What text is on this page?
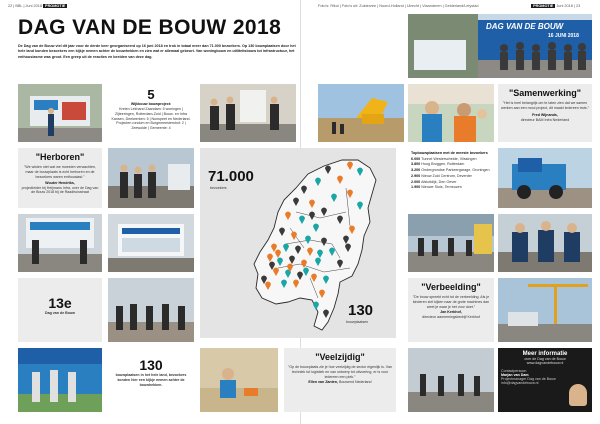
22 | BBL | Juni 2018 PROMOTIE	Foto's: Rikol | Foto's uit: Zuiderzee | Noord-Holland | Utrecht | Vlaanderen | Gelderland/Lelystad	PROMOTIE Juni 2018 | 23
DAG VAN DE BOUW 2018
De Dag van de Bouw viel dit jaar voor de derde keer georganiseerd op 16 juni 2018 en trok in totaal meer dan 71.000 bezoekers. Op 130 bouwplaatsen door het hele land konden bezoekers een kijkje nemen achter de bouwhekken en zien wat er allemaal gebeurt. Van woningbouw en utiliteitsbouw tot infrastructuur, het enthousiasme was groot. Een greep uit de reacties en beelden van deze dag.
DAG VAN DE BOUW
16 JUNI 2018
5
Wijkbouw bouwproject:
Kreten Lekhand Zaandam: 5 woningen | Zijteeringen, Rotterdam-Zuid | Bouw- en Infra Kansen, Deelwerken: 5 | Nunspeet en Nederland. Projecten rondom en Burgemeestershof: 2 | Zeewolde | Gemeente: 4
"Samenwerking"
"Het is heel belangrijk om te laten zien dat we samen werken aan een mooi project, dit maakt iedereen trots."
Fred Wijnands,
directeur BAM Infra Nederland
"Herboren"
"We wisten niet wat we moesten verwachten, maar de bouwplaats is echt herboren en de bezoekers waren enthousiast."
Wouter Hendriks,
projectleider bij Heijmans Infra, over de Dag van de Bouw 2018 bij de Raadhuisstraat
71.000
bezoekers
130
bouwplaatsen
Topbouwplaatsen met de meeste bezoekers
6.000 Tunnel Westerschelde, Vlissingen
3.800 Hoog Bruggen, Rotterdam
3.200 Ondergrondse Parkeergarage, Groningen
2.900 Nieuw Zuid Centrum, Deventer
2.000 Afsluitdijk, Den Oever
1.900 Nieuwe Sluis, Terneuzen
13e
Dag van de Bouw
"Verbeelding"
"De bouw spreekt echt tot de verbeelding. Als je kinderen ziet kijken naar de grote machines dan weet je waar je het voor doet."
Jan Kerkhof,
directeur aannemingsbedrijf Kerkhof
130
bouwplaatsen in het hele land, bezoekers konden hier een kijkje nemen achter de bouwhekken.
"Veelzijdig"
"Op de bouwplaats zie je hoe veelzijdig de sector eigenlijk is. Van techniek tot logistiek en van ontwerp tot uitvoering, er is voor iedereen een plek."
Ellen van Zanten, Bouwend Nederland
Meer informatie
over de Dag van de Bouw
www.dagvandebouw.nl
Contactpersoon
Marjan van Dam
Projectmanager Dag van de Bouw
info@dagvandebouw.nl
